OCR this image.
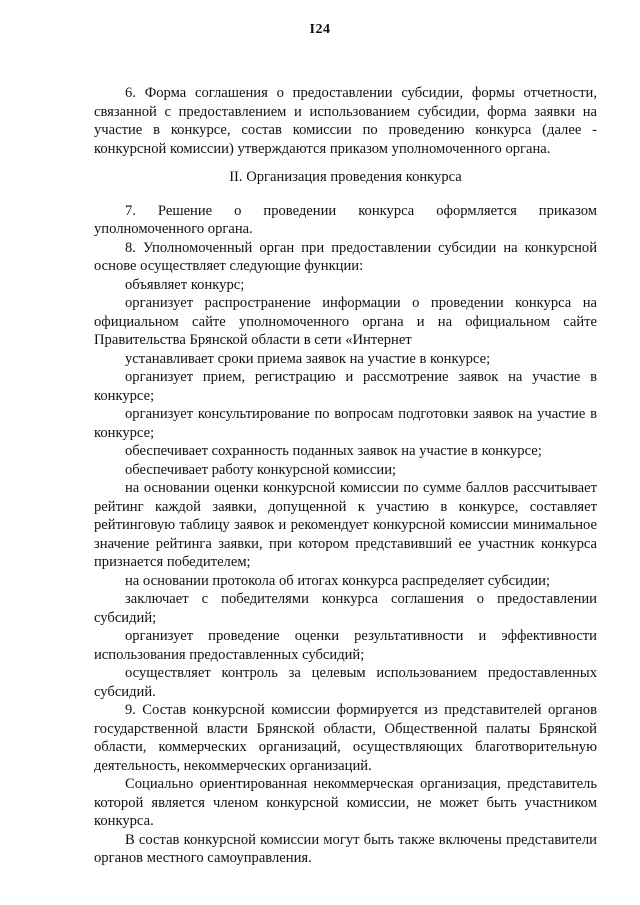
I24

6. Форма соглашения о предоставлении субсидии, формы отчетности, связанной с предоставлением и использованием субсидии, форма заявки на участие в конкурсе, состав комиссии по проведению конкурса (далее - конкурсной комиссии) утверждаются приказом уполномоченного органа.

II. Организация проведения конкурса

7. Решение о проведении конкурса оформляется приказом уполномоченного органа.

8. Уполномоченный орган при предоставлении субсидии на конкурсной основе осуществляет следующие функции:

объявляет конкурс;

организует распространение информации о проведении конкурса на официальном сайте уполномоченного органа и на официальном сайте Правительства Брянской области в сети «Интернет

устанавливает сроки приема заявок на участие в конкурсе;

организует прием, регистрацию и рассмотрение заявок на участие в конкурсе;

организует консультирование по вопросам подготовки заявок на участие в конкурсе;

обеспечивает сохранность поданных заявок на участие в конкурсе;

обеспечивает работу конкурсной комиссии;

на основании оценки конкурсной комиссии по сумме баллов рассчитывает рейтинг каждой заявки, допущенной к участию в конкурсе, составляет рейтинговую таблицу заявок и рекомендует конкурсной комиссии минимальное значение рейтинга заявки, при котором представивший ее участник конкурса признается победителем;

на основании протокола об итогах конкурса распределяет субсидии;

заключает с победителями конкурса соглашения о предоставлении субсидий;

организует проведение оценки результативности и эффективности использования предоставленных субсидий;

осуществляет контроль за целевым использованием предоставленных субсидий.

9. Состав конкурсной комиссии формируется из представителей органов государственной власти Брянской области, Общественной палаты Брянской области, коммерческих организаций, осуществляющих благотворительную деятельность, некоммерческих организаций.

Социально ориентированная некоммерческая организация, представитель которой является членом конкурсной комиссии, не может быть участником конкурса.

В состав конкурсной комиссии могут быть также включены представители органов местного самоуправления.
